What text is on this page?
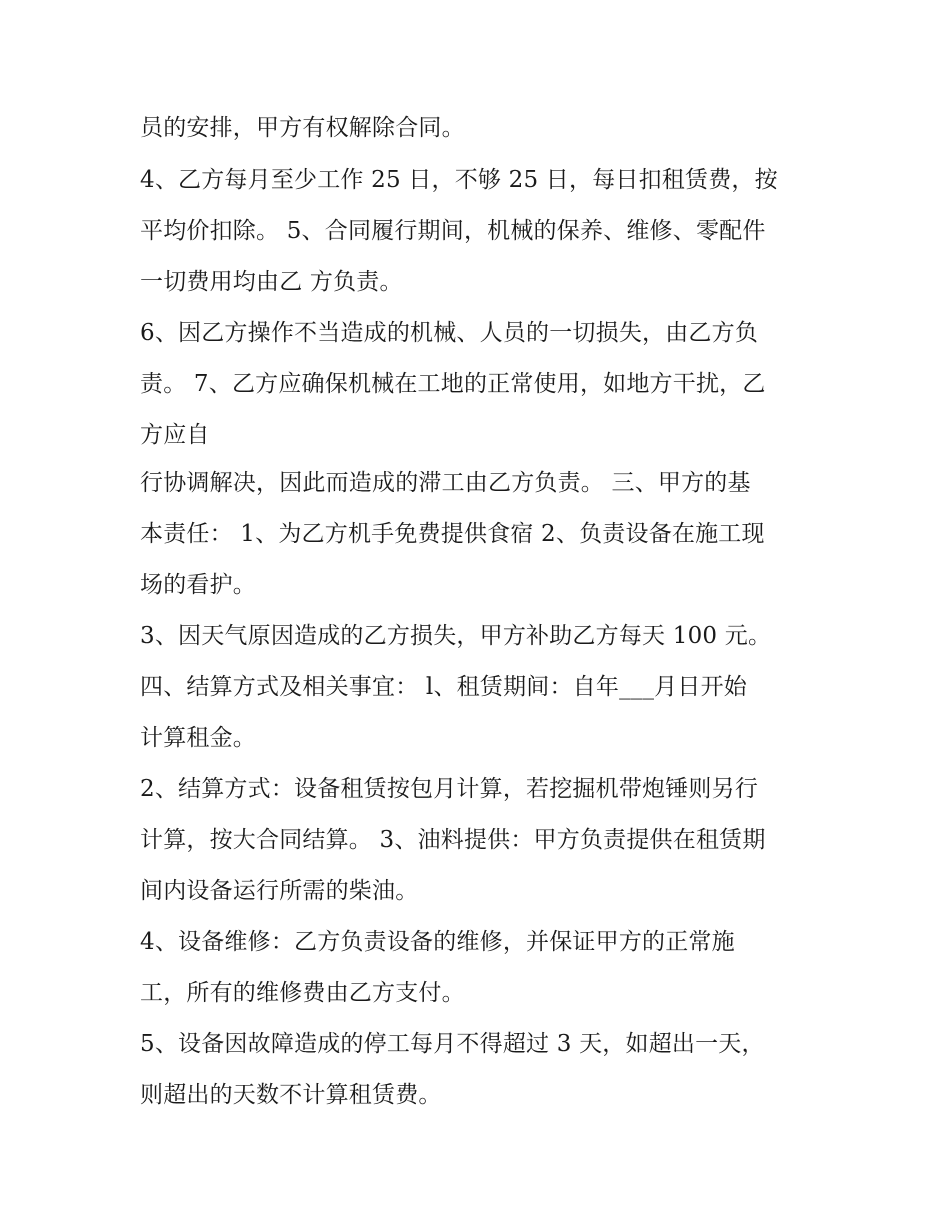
员的安排，甲方有权解除合同。
4、乙方每月至少工作 25 日，不够 25 日，每日扣租赁费，按
平均价扣除。 5、合同履行期间，机械的保养、维修、零配件
一切费用均由乙 方负责。
6、因乙方操作不当造成的机械、人员的一切损失，由乙方负
责。 7、乙方应确保机械在工地的正常使用，如地方干扰，乙
方应自
行协调解决，因此而造成的滞工由乙方负责。 三、甲方的基
本责任： 1、为乙方机手免费提供食宿 2、负责设备在施工现
场的看护。
3、因天气原因造成的乙方损失，甲方补助乙方每天 100 元。
四、结算方式及相关事宜： l、租赁期间：自年___月日开始
计算租金。
2、结算方式：设备租赁按包月计算，若挖掘机带炮锤则另行
计算，按大合同结算。 3、油料提供：甲方负责提供在租赁期
间内设备运行所需的柴油。
4、设备维修：乙方负责设备的维修，并保证甲方的正常施
工，所有的维修费由乙方支付。
5、设备因故障造成的停工每月不得超过 3 天，如超出一天，
则超出的天数不计算租赁费。
